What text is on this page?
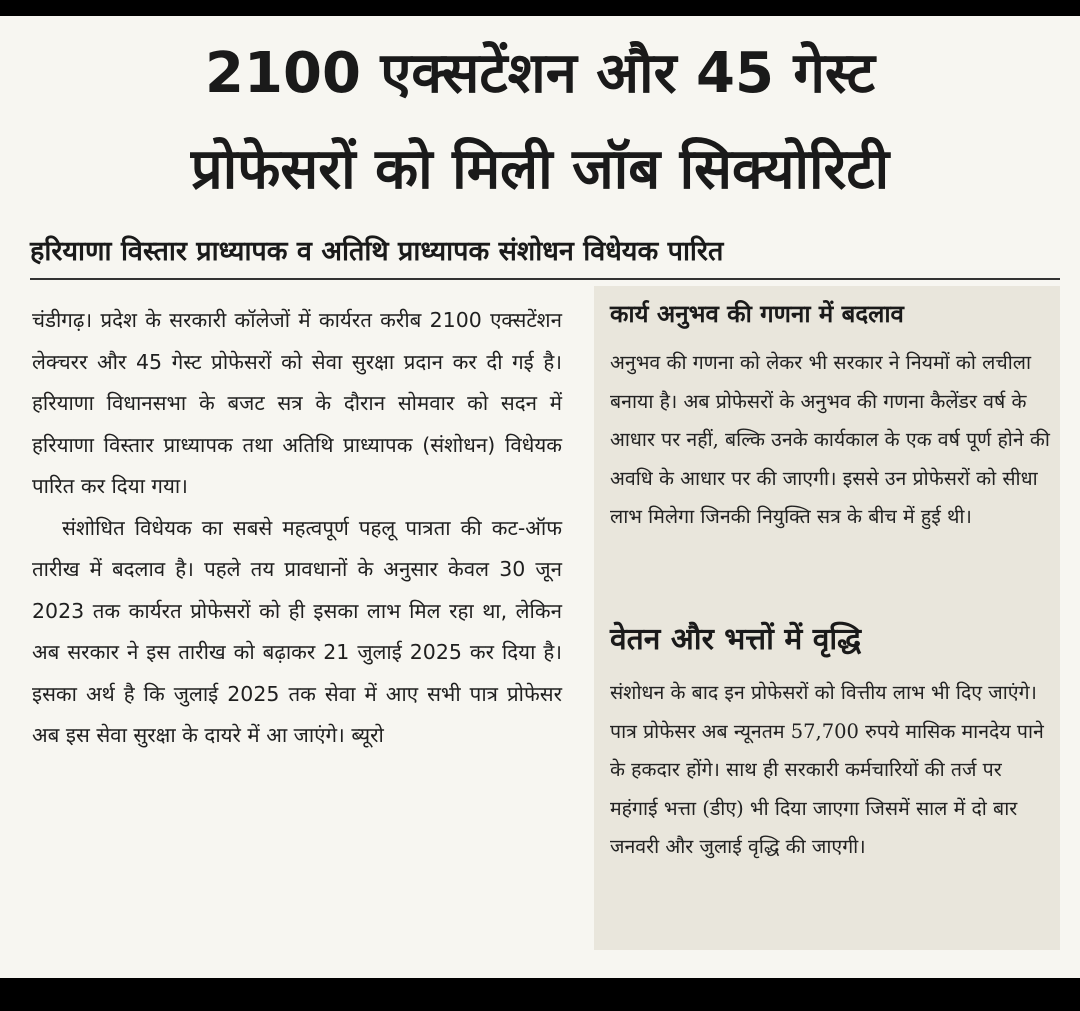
2100 एक्सटेंशन और 45 गेस्ट
प्रोफेसरों को मिली जॉब सिक्योरिटी
हरियाणा विस्तार प्राध्यापक व अतिथि प्राध्यापक संशोधन विधेयक पारित

चंडीगढ़। प्रदेश के सरकारी कॉलेजों में कार्यरत करीब 2100 एक्सटेंशन लेक्चरर और 45 गेस्ट प्रोफेसरों को सेवा सुरक्षा प्रदान कर दी गई है। हरियाणा विधानसभा के बजट सत्र के दौरान सोमवार को सदन में हरियाणा विस्तार प्राध्यापक तथा अतिथि प्राध्यापक (संशोधन) विधेयक पारित कर दिया गया।

संशोधित विधेयक का सबसे महत्वपूर्ण पहलू पात्रता की कट-ऑफ तारीख में बदलाव है। पहले तय प्रावधानों के अनुसार केवल 30 जून 2023 तक कार्यरत प्रोफेसरों को ही इसका लाभ मिल रहा था, लेकिन अब सरकार ने इस तारीख को बढ़ाकर 21 जुलाई 2025 कर दिया है। इसका अर्थ है कि जुलाई 2025 तक सेवा में आए सभी पात्र प्रोफेसर अब इस सेवा सुरक्षा के दायरे में आ जाएंगे। ब्यूरो

कार्य अनुभव की गणना में बदलाव
अनुभव की गणना को लेकर भी सरकार ने नियमों को लचीला बनाया है। अब प्रोफेसरों के अनुभव की गणना कैलेंडर वर्ष के आधार पर नहीं, बल्कि उनके कार्यकाल के एक वर्ष पूर्ण होने की अवधि के आधार पर की जाएगी। इससे उन प्रोफेसरों को सीधा लाभ मिलेगा जिनकी नियुक्ति सत्र के बीच में हुई थी।
वेतन और भत्तों में वृद्धि
संशोधन के बाद इन प्रोफेसरों को वित्तीय लाभ भी दिए जाएंगे। पात्र प्रोफेसर अब न्यूनतम 57,700 रुपये मासिक मानदेय पाने के हकदार होंगे। साथ ही सरकारी कर्मचारियों की तर्ज पर महंगाई भत्ता (डीए) भी दिया जाएगा जिसमें साल में दो बार जनवरी और जुलाई वृद्धि की जाएगी।
